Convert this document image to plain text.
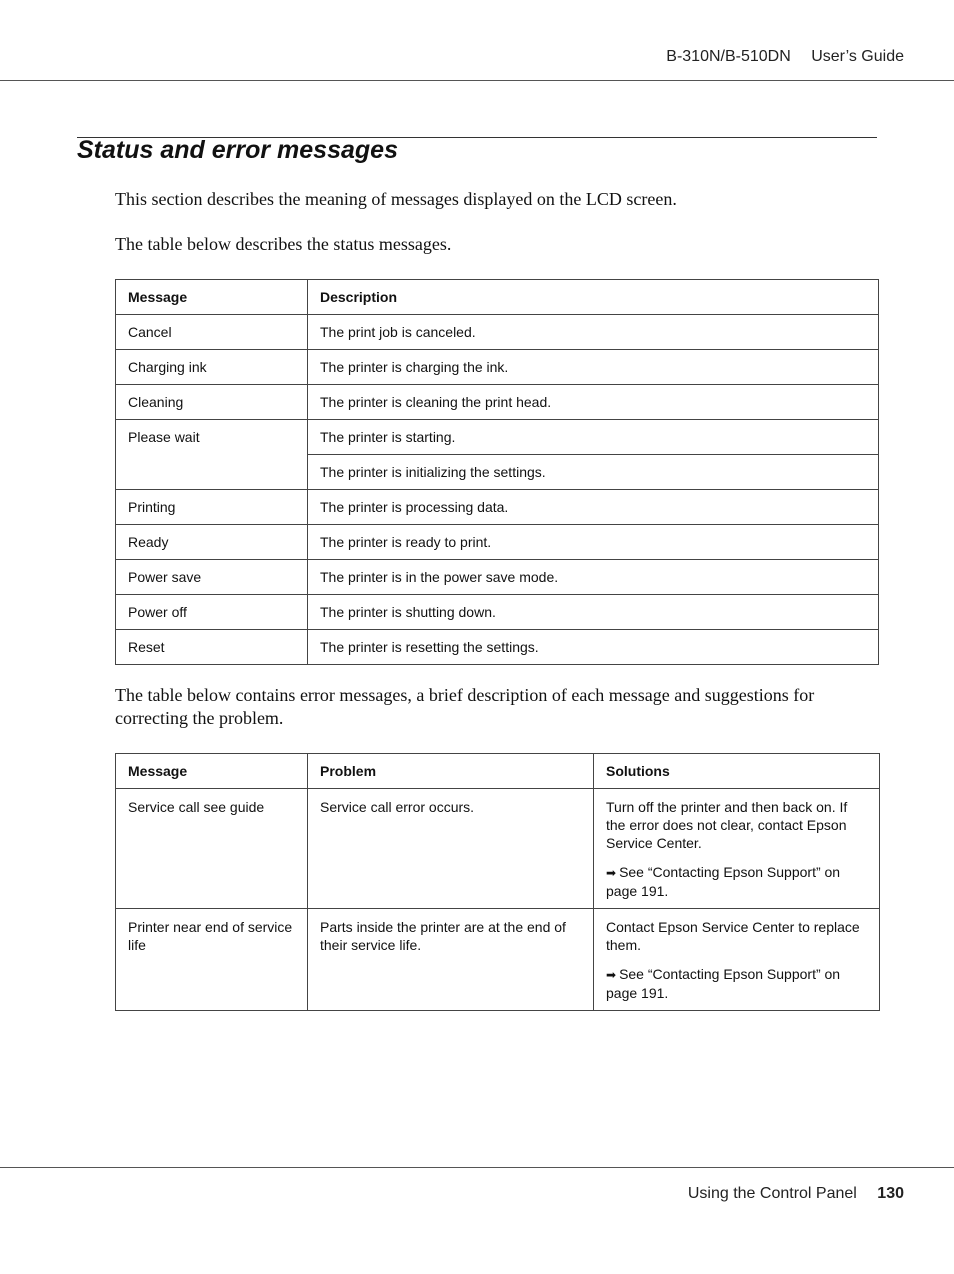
B-310N/B-510DN User’s Guide
Status and error messages

This section describes the meaning of messages displayed on the LCD screen.

The table below describes the status messages.

Message	Description
Cancel	The print job is canceled.
Charging ink	The printer is charging the ink.
Cleaning	The printer is cleaning the print head.
Please wait	The printer is starting.
	The printer is initializing the settings.
Printing	The printer is processing data.
Ready	The printer is ready to print.
Power save	The printer is in the power save mode.
Power off	The printer is shutting down.
Reset	The printer is resetting the settings.

The table below contains error messages, a brief description of each message and suggestions for correcting the problem.

Message	Problem	Solutions
Service call see guide	Service call error occurs.	Turn off the printer and then back on. If the error does not clear, contact Epson Service Center.

➡ See “Contacting Epson Support” on page 191.

Printer near end of service life	Parts inside the printer are at the end of their service life.	Contact Epson Service Center to replace them.

➡ See “Contacting Epson Support” on page 191.

Using the Control Panel 130
